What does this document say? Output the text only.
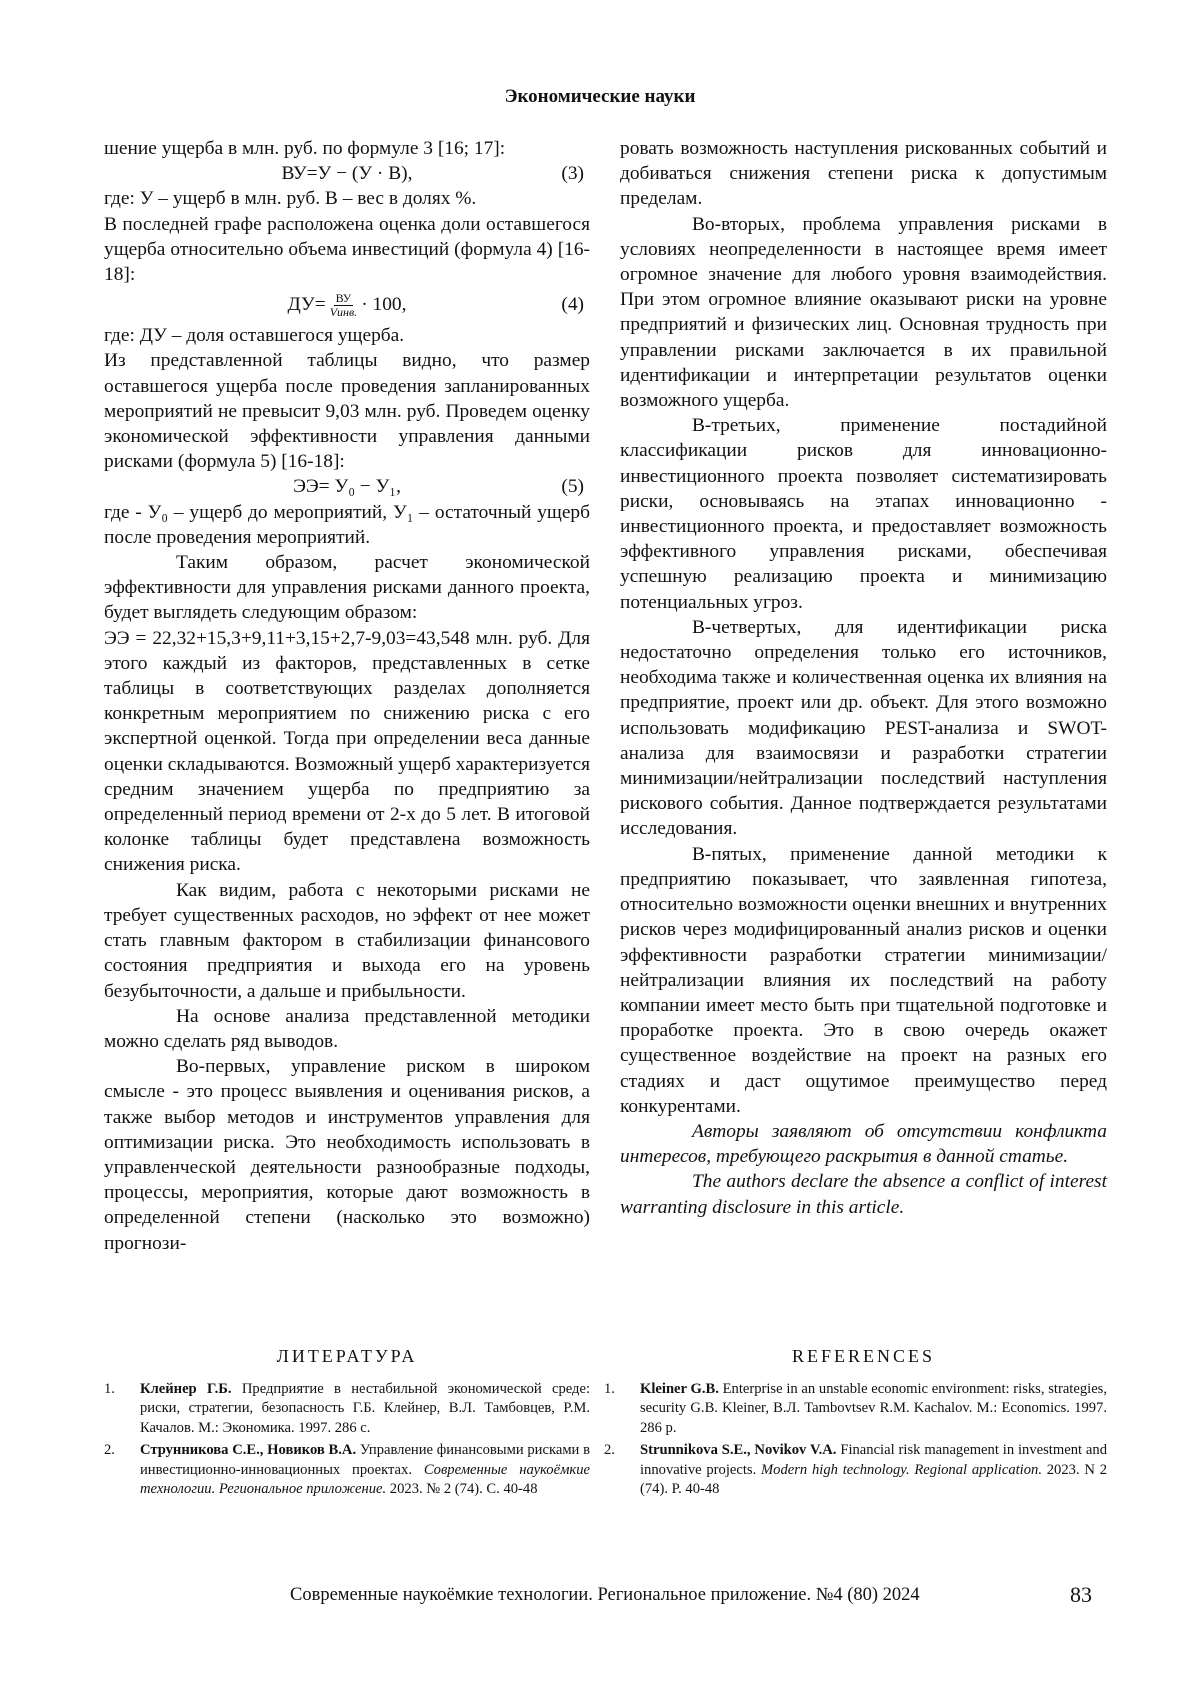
Экономические науки

шение ущерба в млн. руб. по формуле 3 [16; 17]:

ВУ=У − (У · В),	(3)

где: У – ущерб в млн. руб. В – вес в долях %.

В последней графе расположена оценка доли оставшегося ущерба относительно объема инвестиций (формула 4) [16-18]:

$ДУ= \frac{ВУ}{\text{Vинв.}} \cdot 100$,	(4)

где: ДУ – доля оставшегося ущерба.

Из представленной таблицы видно, что размер оставшегося ущерба после проведения запланированных мероприятий не превысит 9,03 млн. руб. Проведем оценку экономической эффективности управления данными рисками (формула 5) [16-18]:

ЭЭ= У₀ − У₁,	(5)

где - У₀ – ущерб до мероприятий, У₁ – остаточный ущерб после проведения мероприятий.

Таким образом, расчет экономической эффективности для управления рисками данного проекта, будет выглядеть следующим образом:

ЭЭ = 22,32+15,3+9,11+3,15+2,7-9,03=43,548 млн. руб. Для этого каждый из факторов, представленных в сетке таблицы в соответствующих разделах дополняется конкретным мероприятием по снижению риска с его экспертной оценкой. Тогда при определении веса данные оценки складываются. Возможный ущерб характеризуется средним значением ущерба по предприятию за определенный период времени от 2-х до 5 лет. В итоговой колонке таблицы будет представлена возможность снижения риска.

Как видим, работа с некоторыми рисками не требует существенных расходов, но эффект от нее может стать главным фактором в стабилизации финансового состояния предприятия и выхода его на уровень безубыточности, а дальше и прибыльности.

На основе анализа представленной методики можно сделать ряд выводов.

Во-первых, управление риском в широком смысле - это процесс выявления и оценивания рисков, а также выбор методов и инструментов управления для оптимизации риска. Это необходимость использовать в управленческой деятельности разнообразные подходы, процессы, мероприятия, которые дают возможность в определенной степени (насколько это возможно) прогнози-

ровать возможность наступления рискованных событий и добиваться снижения степени риска к допустимым пределам.

Во-вторых, проблема управления рисками в условиях неопределенности в настоящее время имеет огромное значение для любого уровня взаимодействия. При этом огромное влияние оказывают риски на уровне предприятий и физических лиц. Основная трудность при управлении рисками заключается в их правильной идентификации и интерпретации результатов оценки возможного ущерба.

В-третьих, применение постадийной классификации рисков для инновационно-инвестиционного проекта позволяет систематизировать риски, основываясь на этапах инновационно - инвестиционного проекта, и предоставляет возможность эффективного управления рисками, обеспечивая успешную реализацию проекта и минимизацию потенциальных угроз.

В-четвертых, для идентификации риска недостаточно определения только его источников, необходима также и количественная оценка их влияния на предприятие, проект или др. объект. Для этого возможно использовать модификацию PEST-анализа и SWOT-анализа для взаимосвязи и разработки стратегии минимизации/нейтрализации последствий наступления рискового события. Данное подтверждается результатами исследования.

В-пятых, применение данной методики к предприятию показывает, что заявленная гипотеза, относительно возможности оценки внешних и внутренних рисков через модифицированный анализ рисков и оценки эффективности разработки стратегии минимизации/нейтрализации влияния их последствий на работу компании имеет место быть при тщательной подготовке и проработке проекта. Это в свою очередь окажет существенное воздействие на проект на разных его стадиях и даст ощутимое преимущество перед конкурентами.

Авторы заявляют об отсутствии конфликта интересов, требующего раскрытия в данной статье.

The authors declare the absence a conflict of interest warranting disclosure in this article.

ЛИТЕРАТУРА	REFERENCES
1.	Клейнер Г.Б. Предприятие в нестабильной экономической среде: риски, стратегии, безопасность Г.Б. Клейнер, В.Л. Тамбовцев, Р.М. Качалов. М.: Экономика. 1997. 286 с.
2.	Струнникова С.Е., Новиков В.А. Управление финансовыми рисками в инвестиционно-инновационных проектах. Современные наукоёмкие технологии. Региональное приложение. 2023. № 2 (74). С. 40-48
1.	Kleiner G.B. Enterprise in an unstable economic environment: risks, strategies, security G.B. Kleiner, B.Л. Tambovtsev R.M. Kachalov. M.: Economics. 1997. 286 p.
2.	Strunnikova S.E., Novikov V.A. Financial risk management in investment and innovative projects. Modern high technology. Regional application. 2023. N 2 (74). P. 40-48
Современные наукоёмкие технологии. Региональное приложение. №4 (80) 2024	83
